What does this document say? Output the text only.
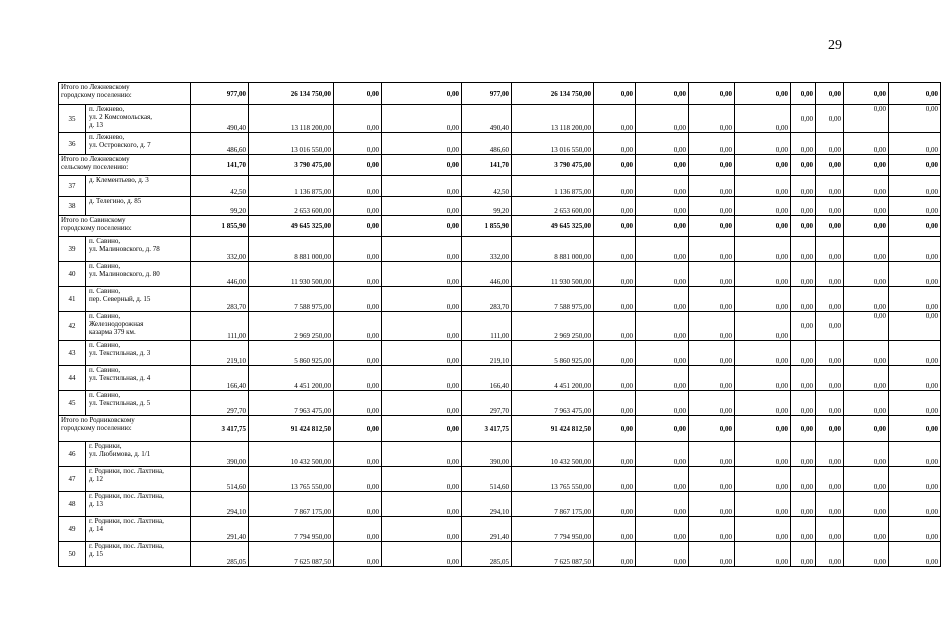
29
Итого по Лежневскому
городскому поселению:		977,00	26 134 750,00	0,00	0,00	977,00	26 134 750,00	0,00	0,00	0,00	0,00	0,00	0,00	0,00	0,00
35	п. Лежнево,
ул. 2 Комсомольская,
д. 13	490,40	13 118 200,00	0,00	0,00	490,40	13 118 200,00	0,00	0,00	0,00	0,00	0,00	0,00	0,00	0,00
36	п. Лежнево,
ул. Островского, д. 7	486,60	13 016 550,00	0,00	0,00	486,60	13 016 550,00	0,00	0,00	0,00	0,00	0,00	0,00	0,00	0,00
Итого по Лежневскому
сельскому поселению:		141,70	3 790 475,00	0,00	0,00	141,70	3 790 475,00	0,00	0,00	0,00	0,00	0,00	0,00	0,00	0,00
37	д. Клементьево, д. 3	42,50	1 136 875,00	0,00	0,00	42,50	1 136 875,00	0,00	0,00	0,00	0,00	0,00	0,00	0,00	0,00
38	д. Телегино, д. 85	99,20	2 653 600,00	0,00	0,00	99,20	2 653 600,00	0,00	0,00	0,00	0,00	0,00	0,00	0,00	0,00
Итого по Савинскому
городскому поселению:		1 855,90	49 645 325,00	0,00	0,00	1 855,90	49 645 325,00	0,00	0,00	0,00	0,00	0,00	0,00	0,00	0,00
39	п. Савино,
ул. Малиновского, д. 78	332,00	8 881 000,00	0,00	0,00	332,00	8 881 000,00	0,00	0,00	0,00	0,00	0,00	0,00	0,00	0,00
40	п. Савино,
ул. Малиновского, д. 80	446,00	11 930 500,00	0,00	0,00	446,00	11 930 500,00	0,00	0,00	0,00	0,00	0,00	0,00	0,00	0,00
41	п. Савино,
пер. Северный, д. 15	283,70	7 588 975,00	0,00	0,00	283,70	7 588 975,00	0,00	0,00	0,00	0,00	0,00	0,00	0,00	0,00
42	п. Савино,
Железнодорожная
казарма 379 км.	111,00	2 969 250,00	0,00	0,00	111,00	2 969 250,00	0,00	0,00	0,00	0,00	0,00	0,00	0,00	0,00
43	п. Савино,
ул. Текстильная, д. 3	219,10	5 860 925,00	0,00	0,00	219,10	5 860 925,00	0,00	0,00	0,00	0,00	0,00	0,00	0,00	0,00
44	п. Савино,
ул. Текстильная, д. 4	166,40	4 451 200,00	0,00	0,00	166,40	4 451 200,00	0,00	0,00	0,00	0,00	0,00	0,00	0,00	0,00
45	п. Савино,
ул. Текстильная, д. 5	297,70	7 963 475,00	0,00	0,00	297,70	7 963 475,00	0,00	0,00	0,00	0,00	0,00	0,00	0,00	0,00
Итого по Родниковскому
городскому поселению:		3 417,75	91 424 812,50	0,00	0,00	3 417,75	91 424 812,50	0,00	0,00	0,00	0,00	0,00	0,00	0,00	0,00
46	г. Родники,
ул. Любимова, д. 1/1	390,00	10 432 500,00	0,00	0,00	390,00	10 432 500,00	0,00	0,00	0,00	0,00	0,00	0,00	0,00	0,00
47	г. Родники, пос. Лахтина,
д. 12	514,60	13 765 550,00	0,00	0,00	514,60	13 765 550,00	0,00	0,00	0,00	0,00	0,00	0,00	0,00	0,00
48	г. Родники, пос. Лахтина,
д. 13	294,10	7 867 175,00	0,00	0,00	294,10	7 867 175,00	0,00	0,00	0,00	0,00	0,00	0,00	0,00	0,00
49	г. Родники, пос. Лахтина,
д. 14	291,40	7 794 950,00	0,00	0,00	291,40	7 794 950,00	0,00	0,00	0,00	0,00	0,00	0,00	0,00	0,00
50	г. Родники, пос. Лахтина,
д. 15	285,05	7 625 087,50	0,00	0,00	285,05	7 625 087,50	0,00	0,00	0,00	0,00	0,00	0,00	0,00	0,00
